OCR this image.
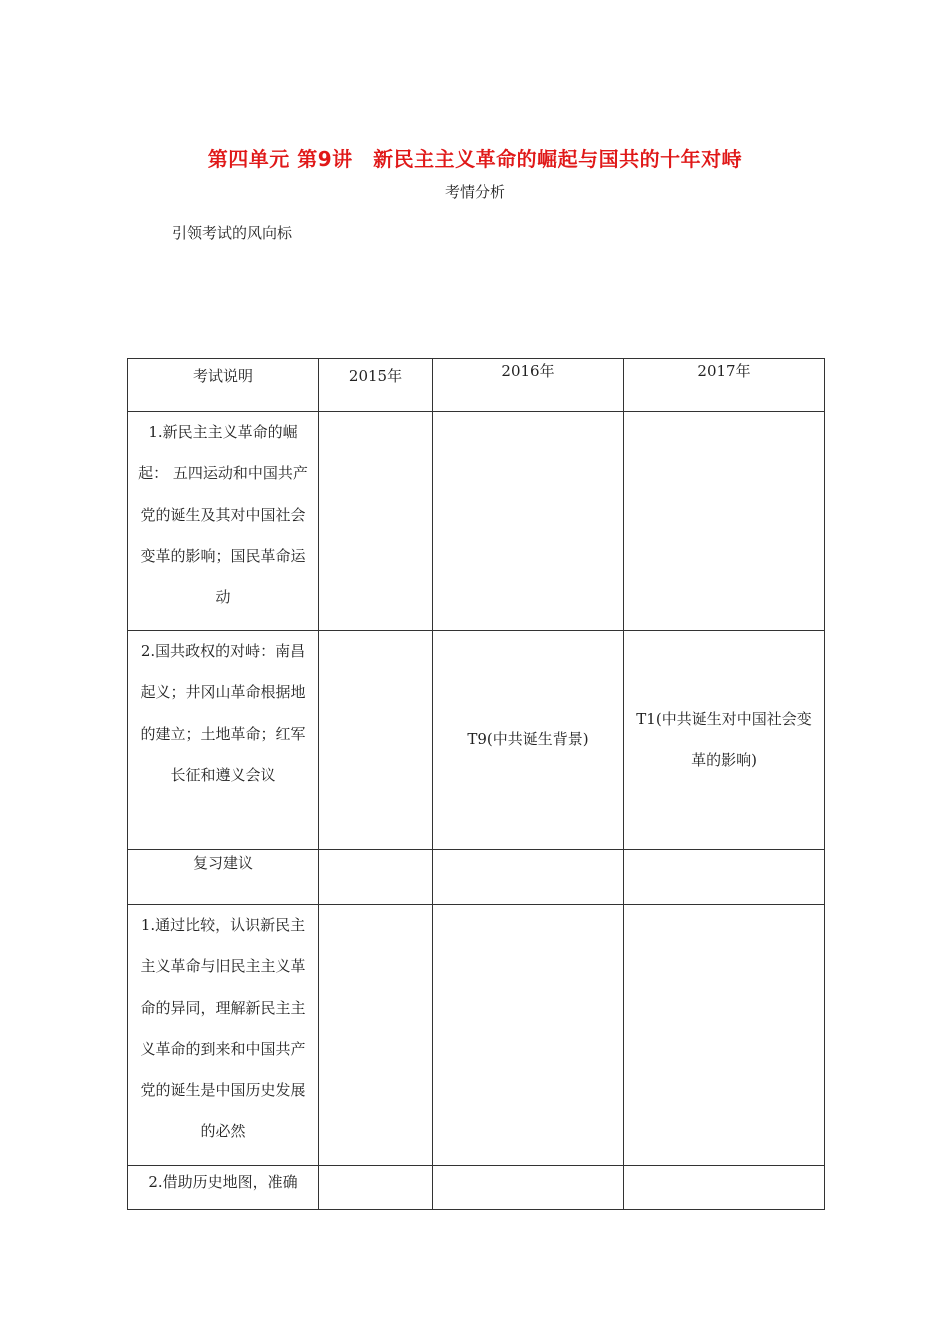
第四单元 第9讲　新民主主义革命的崛起与国共的十年对峙
考情分析
引领考试的风向标
考试说明	2015年	2016年	2017年

1.新民主主义革命的崛起： 五四运动和中国共产党的诞生及其对中国社会变革的影响；国民革命运动			

2.国共政权的对峙：南昌起义；井冈山革命根据地的建立；土地革命；红军长征和遵义会议		T9(中共诞生背景)	T1(中共诞生对中国社会变革的影响)

复习建议			

1.通过比较，认识新民主主义革命与旧民主主义革命的异同，理解新民主主义革命的到来和中国共产党的诞生是中国历史发展的必然			

2.借助历史地图，准确			
